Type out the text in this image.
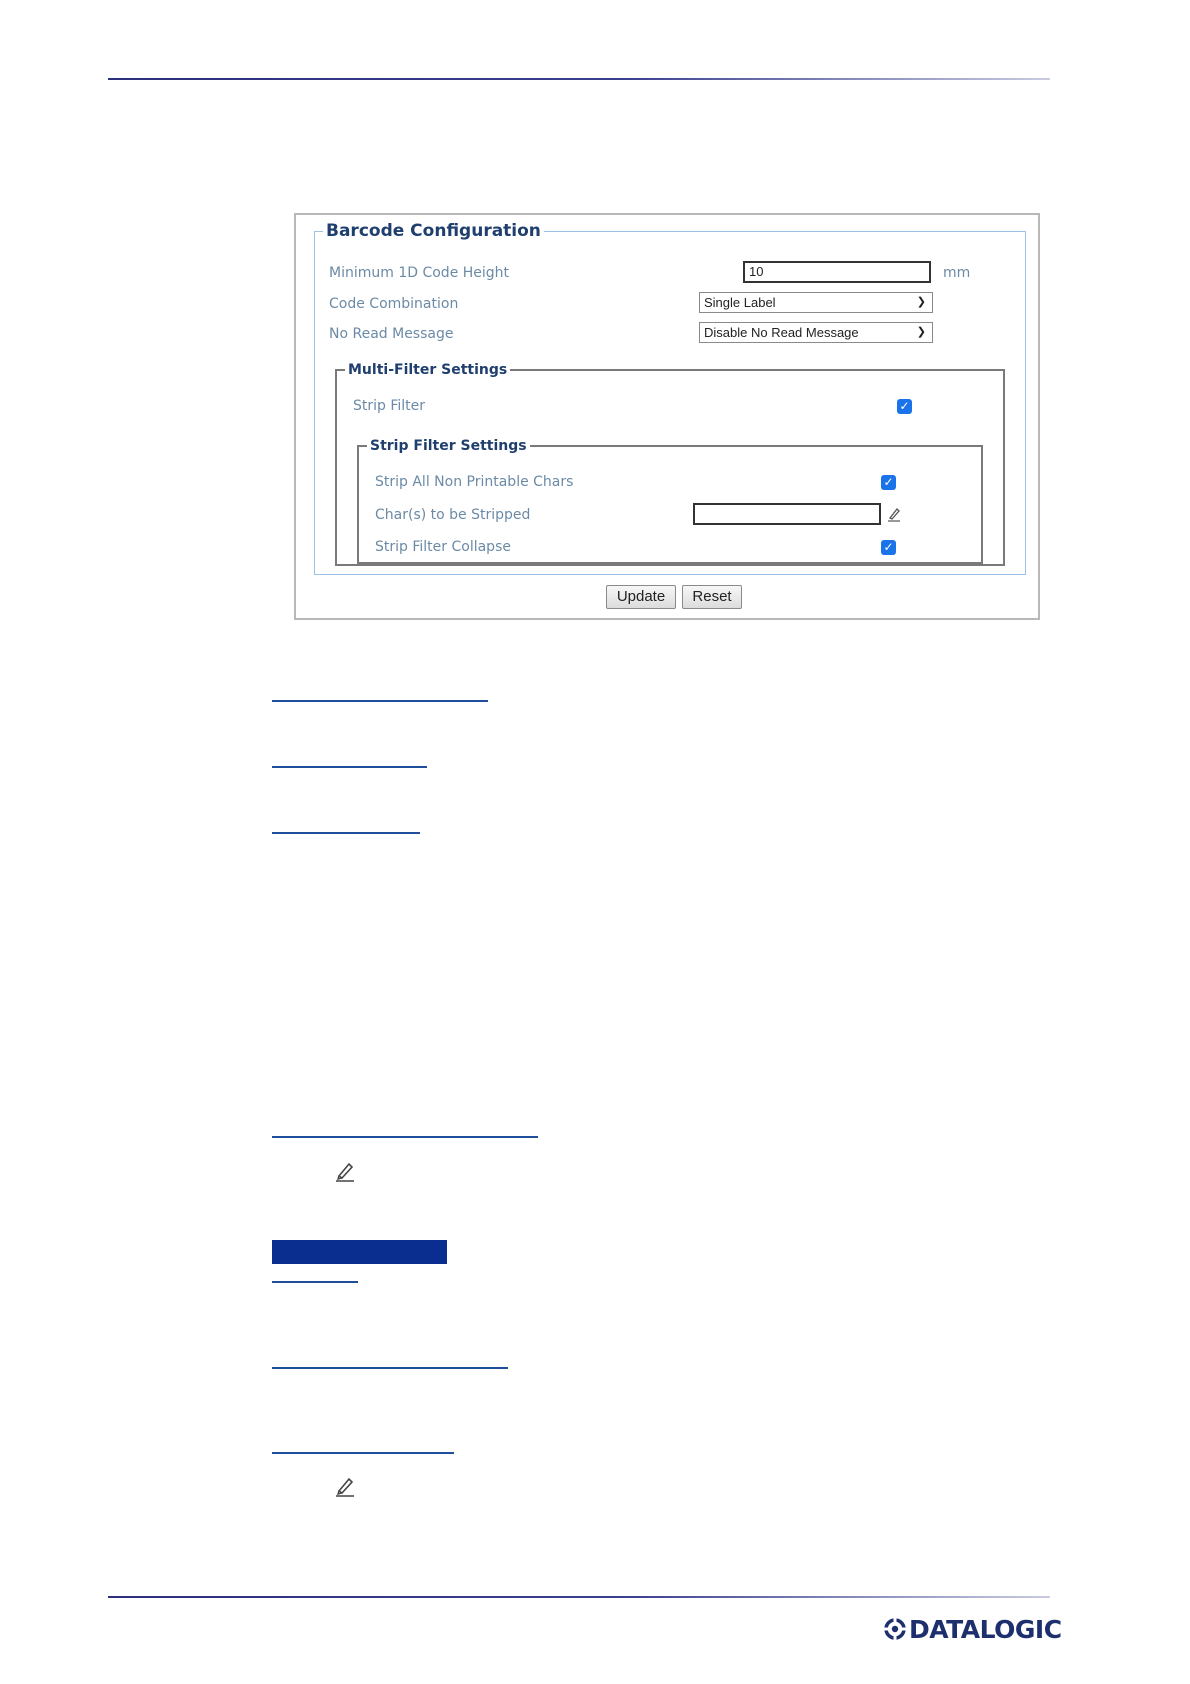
Barcode Configuration
Minimum 1D Code Height	10	mm
Code Combination	Single Label	❯
No Read Message	Disable No Read Message	❯
Multi-Filter Settings
Strip Filter	✓
Strip Filter Settings
Strip All Non Printable Chars	✓
Char(s) to be Stripped
Strip Filter Collapse	✓
Update	Reset
DATALOGIC
